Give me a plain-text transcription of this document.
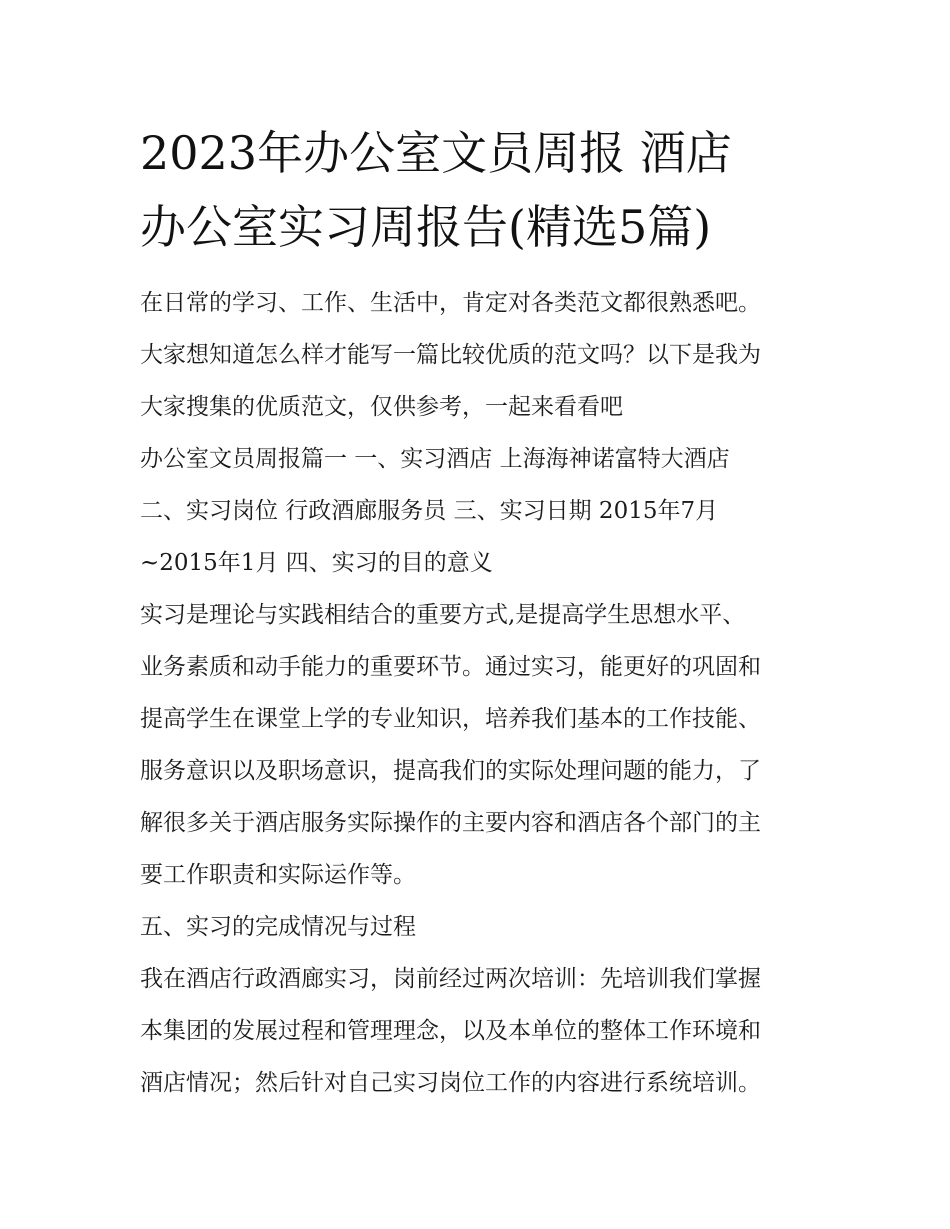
2023年办公室文员周报 酒店
办公室实习周报告(精选5篇)
在日常的学习、工作、生活中，肯定对各类范文都很熟悉吧。
大家想知道怎么样才能写一篇比较优质的范文吗？以下是我为
大家搜集的优质范文，仅供参考，一起来看看吧
办公室文员周报篇一 一、实习酒店 上海海神诺富特大酒店
二、实习岗位 行政酒廊服务员 三、实习日期 2015年7月
~2015年1月 四、实习的目的意义
实习是理论与实践相结合的重要方式,是提高学生思想水平、
业务素质和动手能力的重要环节。通过实习，能更好的巩固和
提高学生在课堂上学的专业知识，培养我们基本的工作技能、
服务意识以及职场意识，提高我们的实际处理问题的能力，了
解很多关于酒店服务实际操作的主要内容和酒店各个部门的主
要工作职责和实际运作等。
五、实习的完成情况与过程
我在酒店行政酒廊实习，岗前经过两次培训：先培训我们掌握
本集团的发展过程和管理理念，以及本单位的整体工作环境和
酒店情况；然后针对自己实习岗位工作的内容进行系统培训。
